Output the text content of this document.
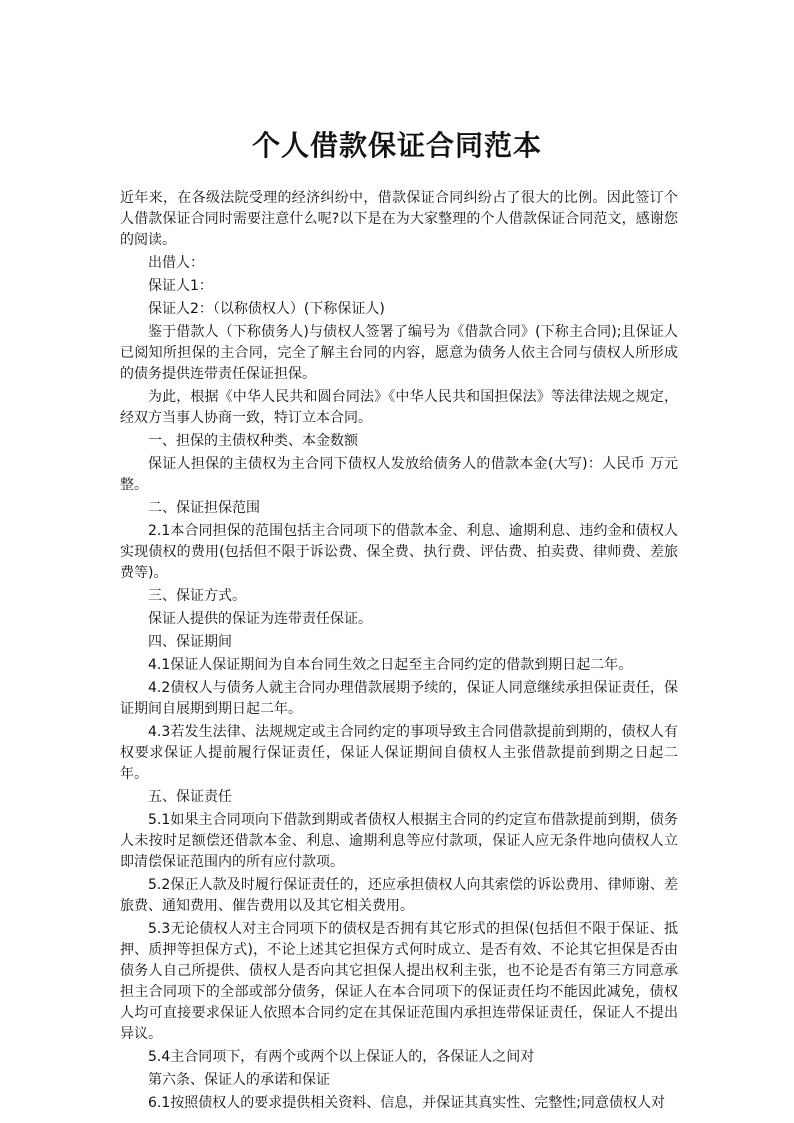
个人借款保证合同范本

近年来，在各级法院受理的经济纠纷中，借款保证合同纠纷占了很大的比例。因此签订个人借款保证合同时需要注意什么呢?以下是在为大家整理的个人借款保证合同范文，感谢您的阅读。

出借人：

保证人1：

保证人2：（以称债权人）(下称保证人)

鉴于借款人（下称债务人)与债权人签署了编号为《借款合同》(下称主合同);且保证人已阅知所担保的主合同，完全了解主台同的内容，愿意为债务人依主合同与债权人所形成的债务提供连带责任保证担保。

为此，根据《中华人民共和圆台同法》《中华人民共和国担保法》等法律法规之规定，经双方当事人协商一致，特订立本合同。

一、担保的主债权种类、本金数额

保证人担保的主债权为主合同下债权人发放给债务人的借款本金(大写)：人民币 万元整。

二、保证担保范围

2.1本合同担保的范围包括主合同项下的借款本金、利息、逾期利息、违约金和债权人实现债权的费用(包括但不限于诉讼费、保全费、执行费、评估费、拍卖费、律师费、差旅费等)。

三、保证方式。

保证人提供的保证为连带责任保证。

四、保证期间

4.1保证人保证期间为自本台同生效之日起至主合同约定的借款到期日起二年。

4.2债权人与债务人就主合同办理借款展期予续的，保证人同意继续承担保证责任，保证期间自展期到期日起二年。

4.3若发生法律、法规规定或主合同约定的事项导致主合同借款提前到期的，债权人有权要求保证人提前履行保证责任，保证人保证期间自债权人主张借款提前到期之日起二年。

五、保证责任

5.1如果主合同项向下借款到期或者债权人根据主合同的约定宣布借款提前到期，债务人未按时足额偿还借款本金、利息、逾期利息等应付款项，保证人应无条件地向债权人立即清偿保证范围内的所有应付款项。

5.2保正人款及时履行保证责任的，还应承担债权人向其索偿的诉讼费用、律师谢、差旅费、通知费用、催告费用以及其它相关费用。

5.3无论债权人对主合同项下的债权是否拥有其它形式的担保(包括但不限于保证、抵押、质押等担保方式)，不论上述其它担保方式何时成立、是否有效、不论其它担保是否由债务人自己所提供、债权人是否向其它担保人提出权利主张，也不论是否有第三方同意承担主合同项下的全部或部分债务，保证人在本合同项下的保证责任均不能因此减免，债权人均可直接要求保证人依照本合同约定在其保证范围内承担连带保证责任，保证人不提出异议。

5.4主合同项下，有两个或两个以上保证人的，各保证人之间对

第六条、保证人的承诺和保证

6.1按照债权人的要求提供相关资料、信息，并保证其真实性、完整性;同意债权人对
